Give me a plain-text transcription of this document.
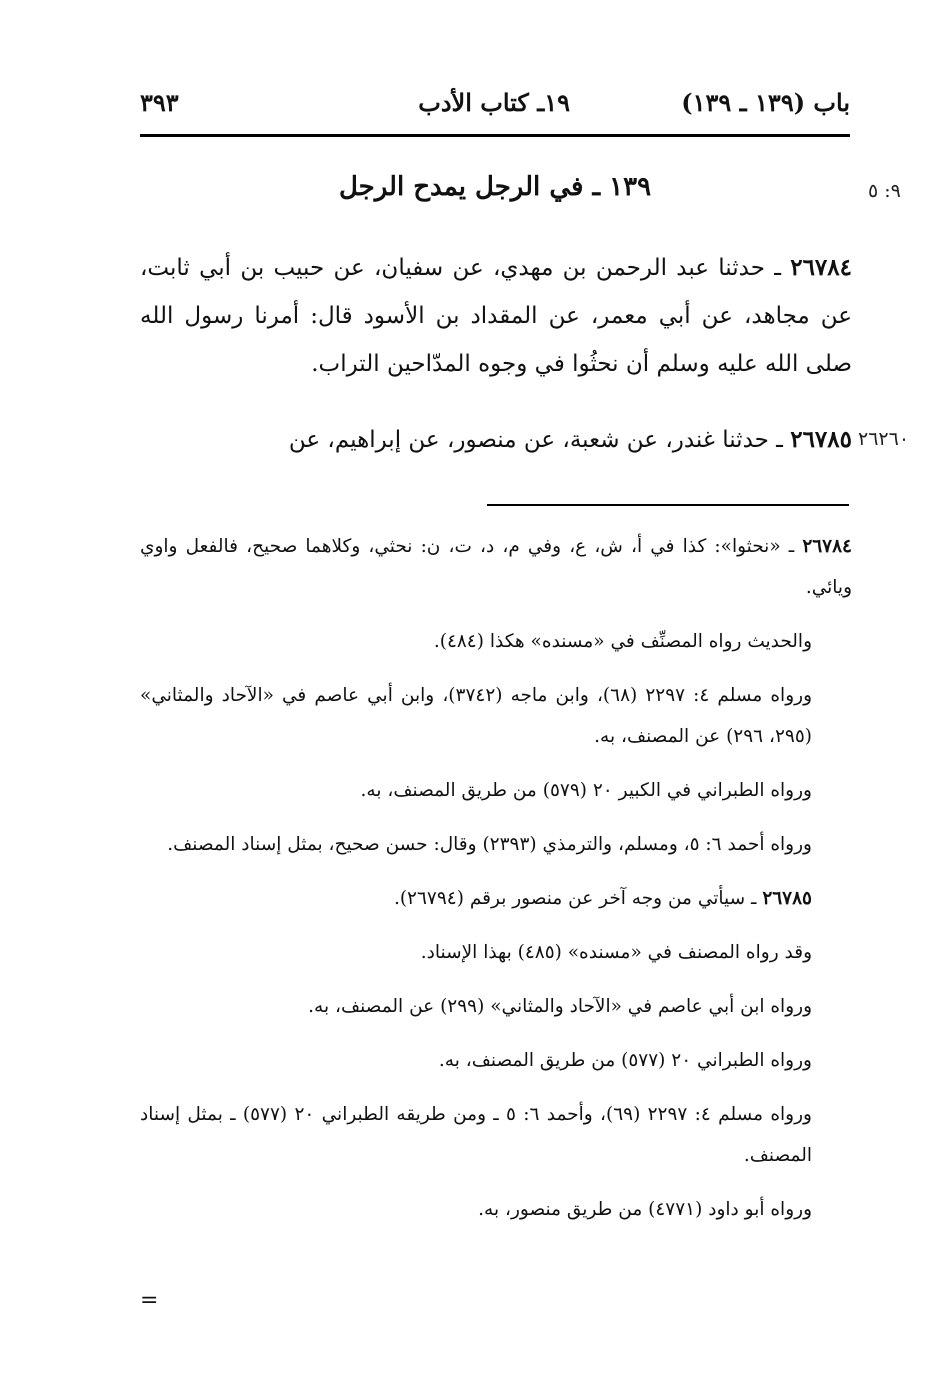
باب (١٣٩ ـ ١٣٩)
١٩ـ كتاب الأدب
٣٩٣
١٣٩ ـ في الرجل يمدح الرجل	٩: ٥
٢٦٧٨٤ ـ حدثنا عبد الرحمن بن مهدي، عن سفيان، عن حبيب بن أبي ثابت، عن مجاهد، عن أبي معمر، عن المقداد بن الأسود قال: أمرنا رسول الله صلى الله عليه وسلم أن نحثُوا في وجوه المدّاحين التراب.
٢٦٧٨٥ ـ حدثنا غندر، عن شعبة، عن منصور، عن إبراهيم، عن	٢٦٢٦٠

٢٦٧٨٤ ـ «نحثوا»: كذا في أ، ش، ع، وفي م، د، ت، ن: نحثي، وكلاهما صحيح، فالفعل واوي ويائي.

والحديث رواه المصنِّف في «مسنده» هكذا (٤٨٤).

ورواه مسلم ٤: ٢٢٩٧ (٦٨)، وابن ماجه (٣٧٤٢)، وابن أبي عاصم في «الآحاد والمثاني» (٢٩٥، ٢٩٦) عن المصنف، به.

ورواه الطبراني في الكبير ٢٠ (٥٧٩) من طريق المصنف، به.

ورواه أحمد ٦: ٥، ومسلم، والترمذي (٢٣٩٣) وقال: حسن صحيح، بمثل إسناد المصنف.

٢٦٧٨٥ ـ سيأتي من وجه آخر عن منصور برقم (٢٦٧٩٤).

وقد رواه المصنف في «مسنده» (٤٨٥) بهذا الإسناد.

ورواه ابن أبي عاصم في «الآحاد والمثاني» (٢٩٩) عن المصنف، به.

ورواه الطبراني ٢٠ (٥٧٧) من طريق المصنف، به.

ورواه مسلم ٤: ٢٢٩٧ (٦٩)، وأحمد ٦: ٥ ـ ومن طريقه الطبراني ٢٠ (٥٧٧) ـ بمثل إسناد المصنف.

ورواه أبو داود (٤٧٧١) من طريق منصور، به.

=
